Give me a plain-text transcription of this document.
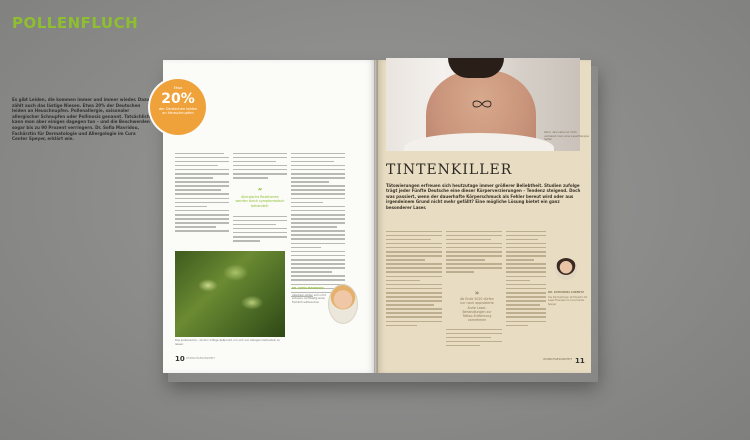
POLLENFLUCH
Es gibt Leiden, die kommen immer und immer wieder. Dazu zählt auch das lästige Niesen. Etwa 20% der Deutschen leiden an Heuschnupfen. Pollenallergie, saisonaler allergischer Schnupfen oder Pollinosis genannt. Tatsächlich kann man aber einiges dagegen tun – und die Beschwerden sogar bis zu 90 Prozent verringern. Dr. Sofia Mavridou, Fachärztin für Dermatologie und Allergologie im Cura Center Speyer, erklärt wie.
Etwa
20%
der Deutschen leiden an Heuschnupfen
“
Allergische Reaktionen werden durch symptomatisch behandelt.
Das pollenreiche – ist der richtige Zeitpunkt, um sich von Allergien behandeln zu lassen
DR. SOFIA MAVRIDOU
Allergiker sollten sich nicht scheuen, rechtzeitig einen Facharzt aufzusuchen
10 WUNSCHGESUNDHEIT
Wenn das Liebe zur Tinte verblasst, kann eine Lasertherapie helfen
TINTENKILLER
Tätowierungen erfreuen sich heutzutage immer größerer Beliebtheit. Studien zufolge trägt jeder Fünfte Deutsche eine dieser Körperverzierungen – Tendenz steigend. Doch was passiert, wenn der dauerhafte Körperschmuck als Fehler bereut wird oder aus irgendeinem Grund nicht mehr gefällt? Eine mögliche Lösung bietet ein ganz besonderer Laser.
»
Ab Ende 2020 dürfen nur noch approbierte Ärzte Laser-Behandlungen zur Tattoo-Entfernung vornehmen
DR. KATHARINA LORENTZ
Die Dermatologin ist Expertin für Laser-Therapie im Cura Center Speyer
WUNSCHGESUNDHEIT 11
